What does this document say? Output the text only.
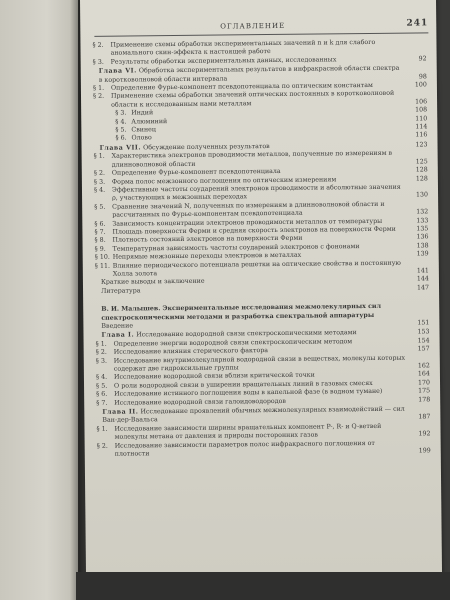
ОГЛАВЛЕНИЕ	241
§ 2. Применение схемы обработки экспериментальных значений n и k для слабого аномального скин-эффекта к настоящей работе
§ 3. Результаты обработки экспериментальных данных, исследованных	92
Глава VI. Обработка экспериментальных результатов в инфракрасной области спектра в коротковолновой области интервала	98
§ 1. Определение Фурье-компонент псевдопотенциала по оптическим константам	100
§ 2. Применение схемы обработки значений оптических постоянных в коротковолновой области к исследованным нами металлам	106
§ 3. Индий	108
§ 4. Алюминий	110
§ 5. Свинец	114
§ 6. Олово	116
Глава VII. Обсуждение полученных результатов	123
§ 1. Характеристика электронов проводимости металлов, полученные по измерениям в длинноволновой области	125
§ 2. Определение Фурье-компонент псевдопотенциала	128
§ 3. Форма полос межзонного поглощения по оптическим измерениям	128
§ 4. Эффективные частоты соударений электронов проводимости и абсолютные значения ρ, участвующих в межзонных переходах	130
§ 5. Сравнение значений N, полученных по измерениям в длинноволновой области и рассчитанных по Фурье-компонентам псевдопотенциала	132
§ 6. Зависимость концентрации электронов проводимости металлов от температуры	133
§ 7. Площадь поверхности Ферми и средняя скорость электронов на поверхности Ферми	135
§ 8. Плотность состояний электронов на поверхности Ферми	136
§ 9. Температурная зависимость частоты соударений электронов с фононами	138
§ 10. Непрямые межзонные переходы электронов в металлах	139
§ 11. Влияние периодического потенциала решетки на оптические свойства и постоянную Холла золота	141
Краткие выводы и заключение	144
Литература	147
В. И. Малышев. Экспериментальные исследования межмолекулярных сил спектроскопическими методами и разработка спектральной аппаратуры
Введение	151
Глава I. Исследование водородной связи спектроскопическими методами	153
§ 1. Определение энергии водородной связи спектроскопическим методом	154
§ 2. Исследование влияния стерического фактора	157
§ 3. Исследование внутримолекулярной водородной связи в веществах, молекулы которых содержат две гидроксильные группы	162
§ 4. Исследование водородной связи вблизи критической точки	164
§ 5. О роли водородной связи в уширении вращательных линий в газовых смесях	170
§ 6. Исследование истинного поглощения воды в капельной фазе (в водном тумане)	175
§ 7. Исследование водородной связи галоидоводородов	178
Глава II. Исследование проявлений обычных межмолекулярных взаимодействий — сил Ван-дер-Ваальса	187
§ 1. Исследование зависимости ширины вращательных компонент P-, R- и Q-ветвей молекулы метана от давления и природы посторонних газов	192
§ 2. Исследование зависимости параметров полос инфракрасного поглощения от плотности	199
